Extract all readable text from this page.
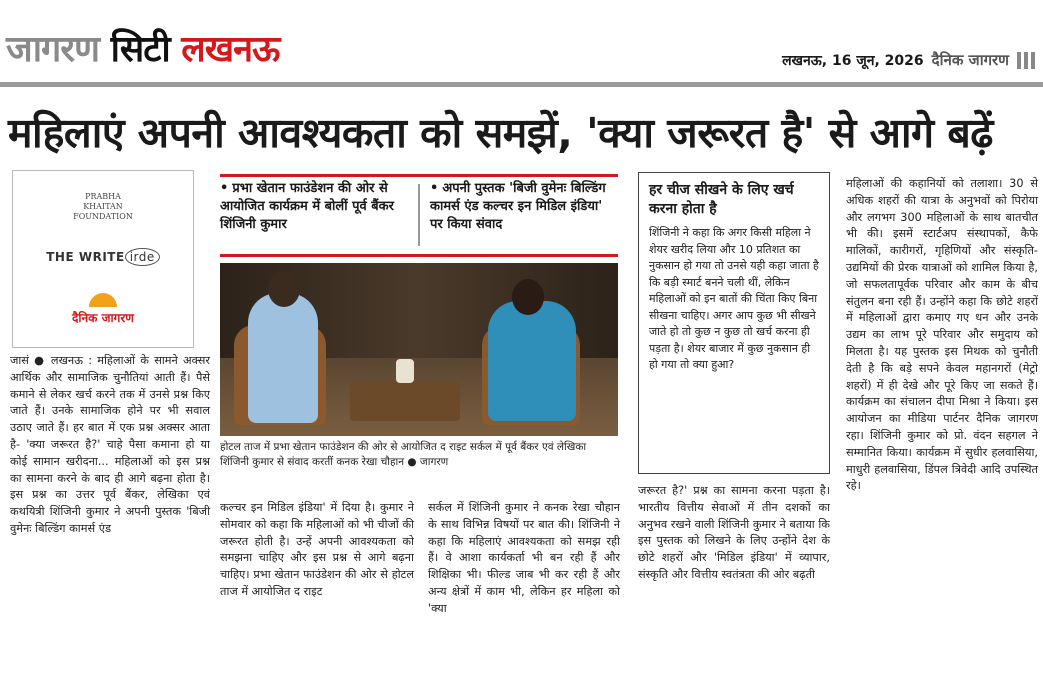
जागरण सिटी लखनऊ	लखनऊ, 16 जून, 2026 दैनिक जागरण
महिलाएं अपनी आवश्यकता को समझें, 'क्या जरूरत है' से आगे बढ़ें
PRABHA
KHAITAN
FOUNDATION
THE WRITE irde
दैनिक जागरण
• प्रभा खेतान फाउंडेशन की ओर से आयोजित कार्यक्रम में बोलीं पूर्व बैंकर शिंजिनी कुमार
• अपनी पुस्तक 'बिजी वुमेनः बिल्डिंग कामर्स एंड कल्चर इन मिडिल इंडिया' पर किया संवाद
होटल ताज में प्रभा खेतान फाउंडेशन की ओर से आयोजित द राइट सर्कल में पूर्व बैंकर एवं लेखिका शिंजिनी कुमार से संवाद करतीं कनक रेखा चौहान ● जागरण
हर चीज सीखने के लिए खर्च करना होता है

शिंजिनी ने कहा कि अगर किसी महिला ने शेयर खरीद लिया और 10 प्रतिशत का नुकसान हो गया तो उनसे यही कहा जाता है कि बड़ी स्मार्ट बनने चली थीं, लेकिन महिलाओं को इन बातों की चिंता किए बिना सीखना चाहिए। अगर आप कुछ भी सीखने जाते हो तो कुछ न कुछ तो खर्च करना ही पड़ता है। शेयर बाजार में कुछ नुकसान ही हो गया तो क्या हुआ?

जासं ● लखनऊ : महिलाओं के सामने अक्सर आर्थिक और सामाजिक चुनौतियां आती हैं। पैसे कमाने से लेकर खर्च करने तक में उनसे प्रश्न किए जाते हैं। उनके सामाजिक होने पर भी सवाल उठाए जाते हैं। हर बात में एक प्रश्न अक्सर आता है- 'क्या जरूरत है?' चाहे पैसा कमाना हो या कोई सामान खरीदना... महिलाओं को इस प्रश्न का सामना करने के बाद ही आगे बढ़ना होता है। इस प्रश्न का उत्तर पूर्व बैंकर, लेखिका एवं कथयित्री शिंजिनी कुमार ने अपनी पुस्तक 'बिजी वुमेनः बिल्डिंग कामर्स एंड
कल्चर इन मिडिल इंडिया' में दिया है। कुमार ने सोमवार को कहा कि महिलाओं को भी चीजों की जरूरत होती है। उन्हें अपनी आवश्यकता को समझना चाहिए और इस प्रश्न से आगे बढ़ना चाहिए। प्रभा खेतान फाउंडेशन की ओर से होटल ताज में आयोजित द राइट
सर्कल में शिंजिनी कुमार ने कनक रेखा चौहान के साथ विभिन्न विषयों पर बात की। शिंजिनी ने कहा कि महिलाएं आवश्यकता को समझ रही हैं। वे आशा कार्यकर्ता भी बन रही हैं और शिक्षिका भी। फील्ड जाब भी कर रही हैं और अन्य क्षेत्रों में काम भी, लेकिन हर महिला को 'क्या
जरूरत है?' प्रश्न का सामना करना पड़ता है। भारतीय वित्तीय सेवाओं में तीन दशकों का अनुभव रखने वाली शिंजिनी कुमार ने बताया कि इस पुस्तक को लिखने के लिए उन्होंने देश के छोटे शहरों और 'मिडिल इंडिया' में व्यापार, संस्कृति और वित्तीय स्वतंत्रता की ओर बढ़ती
महिलाओं की कहानियों को तलाशा। 30 से अधिक शहरों की यात्रा के अनुभवों को पिरोया और लगभग 300 महिलाओं के साथ बातचीत भी की। इसमें स्टार्टअप संस्थापकों, कैफे मालिकों, कारीगरों, गृहिणियों और संस्कृति-उद्यमियों की प्रेरक यात्राओं को शामिल किया है, जो सफलतापूर्वक परिवार और काम के बीच संतुलन बना रही हैं। उन्होंने कहा कि छोटे शहरों में महिलाओं द्वारा कमाए गए धन और उनके उद्यम का लाभ पूरे परिवार और समुदाय को मिलता है। यह पुस्तक इस मिथक को चुनौती देती है कि बड़े सपने केवल महानगरों (मेट्रो शहरों) में ही देखे और पूरे किए जा सकते हैं। कार्यक्रम का संचालन दीपा मिश्रा ने किया। इस आयोजन का मीडिया पार्टनर दैनिक जागरण रहा। शिंजिनी कुमार को प्रो. वंदन सहगल ने सम्मानित किया। कार्यक्रम में सुधीर हलवासिया, माधुरी हलवासिया, डिंपल त्रिवेदी आदि उपस्थित रहे।
